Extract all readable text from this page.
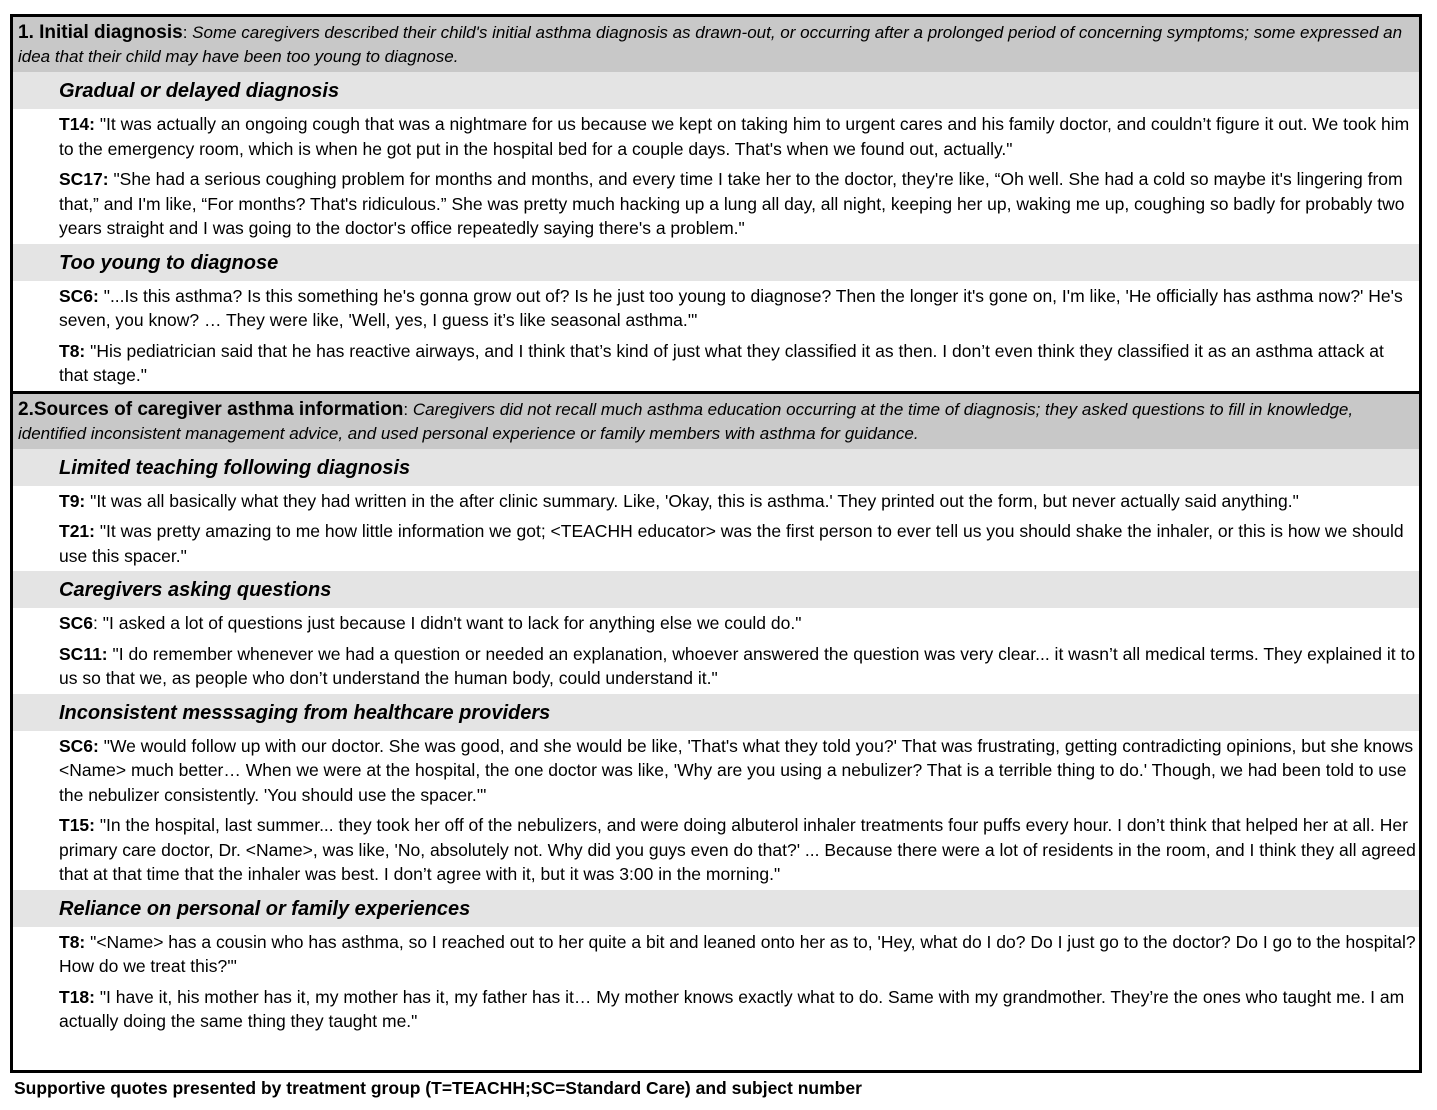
1. Initial diagnosis: Some caregivers described their child's initial asthma diagnosis as drawn-out, or occurring after a prolonged period of concerning symptoms; some expressed an idea that their child may have been too young to diagnose.
Gradual or delayed diagnosis

T14: "It was actually an ongoing cough that was a nightmare for us because we kept on taking him to urgent cares and his family doctor, and couldn’t figure it out. We took him to the emergency room, which is when he got put in the hospital bed for a couple days. That's when we found out, actually."

SC17: "She had a serious coughing problem for months and months, and every time I take her to the doctor, they're like, “Oh well. She had a cold so maybe it's lingering from that,” and I'm like, “For months? That's ridiculous.” She was pretty much hacking up a lung all day, all night, keeping her up, waking me up, coughing so badly for probably two years straight and I was going to the doctor's office repeatedly saying there's a problem."

Too young to diagnose

SC6: "...Is this asthma? Is this something he's gonna grow out of? Is he just too young to diagnose? Then the longer it's gone on, I'm like, 'He officially has asthma now?' He's seven, you know? … They were like, 'Well, yes, I guess it’s like seasonal asthma.'"

T8: "His pediatrician said that he has reactive airways, and I think that’s kind of just what they classified it as then. I don’t even think they classified it as an asthma attack at that stage."

2.Sources of caregiver asthma information: Caregivers did not recall much asthma education occurring at the time of diagnosis; they asked questions to fill in knowledge, identified inconsistent management advice, and used personal experience or family members with asthma for guidance.
Limited teaching following diagnosis

T9: "It was all basically what they had written in the after clinic summary. Like, 'Okay, this is asthma.' They printed out the form, but never actually said anything."

T21: "It was pretty amazing to me how little information we got; <TEACHH educator> was the first person to ever tell us you should shake the inhaler, or this is how we should use this spacer."

Caregivers asking questions

SC6: "I asked a lot of questions just because I didn't want to lack for anything else we could do."

SC11: "I do remember whenever we had a question or needed an explanation, whoever answered the question was very clear... it wasn’t all medical terms. They explained it to us so that we, as people who don’t understand the human body, could understand it."

Inconsistent messsaging from healthcare providers

SC6: "We would follow up with our doctor. She was good, and she would be like, 'That's what they told you?' That was frustrating, getting contradicting opinions, but she knows <Name> much better… When we were at the hospital, the one doctor was like, 'Why are you using a nebulizer? That is a terrible thing to do.' Though, we had been told to use the nebulizer consistently. 'You should use the spacer.'"

T15: "In the hospital, last summer... they took her off of the nebulizers, and were doing albuterol inhaler treatments four puffs every hour. I don’t think that helped her at all. Her primary care doctor, Dr. <Name>, was like, 'No, absolutely not. Why did you guys even do that?' ... Because there were a lot of residents in the room, and I think they all agreed that at that time that the inhaler was best. I don’t agree with it, but it was 3:00 in the morning."

Reliance on personal or family experiences

T8: "<Name> has a cousin who has asthma, so I reached out to her quite a bit and leaned onto her as to, 'Hey, what do I do? Do I just go to the doctor? Do I go to the hospital? How do we treat this?'"

T18: "I have it, his mother has it, my mother has it, my father has it… My mother knows exactly what to do. Same with my grandmother. They’re the ones who taught me. I am actually doing the same thing they taught me."

Supportive quotes presented by treatment group (T=TEACHH;SC=Standard Care) and subject number
